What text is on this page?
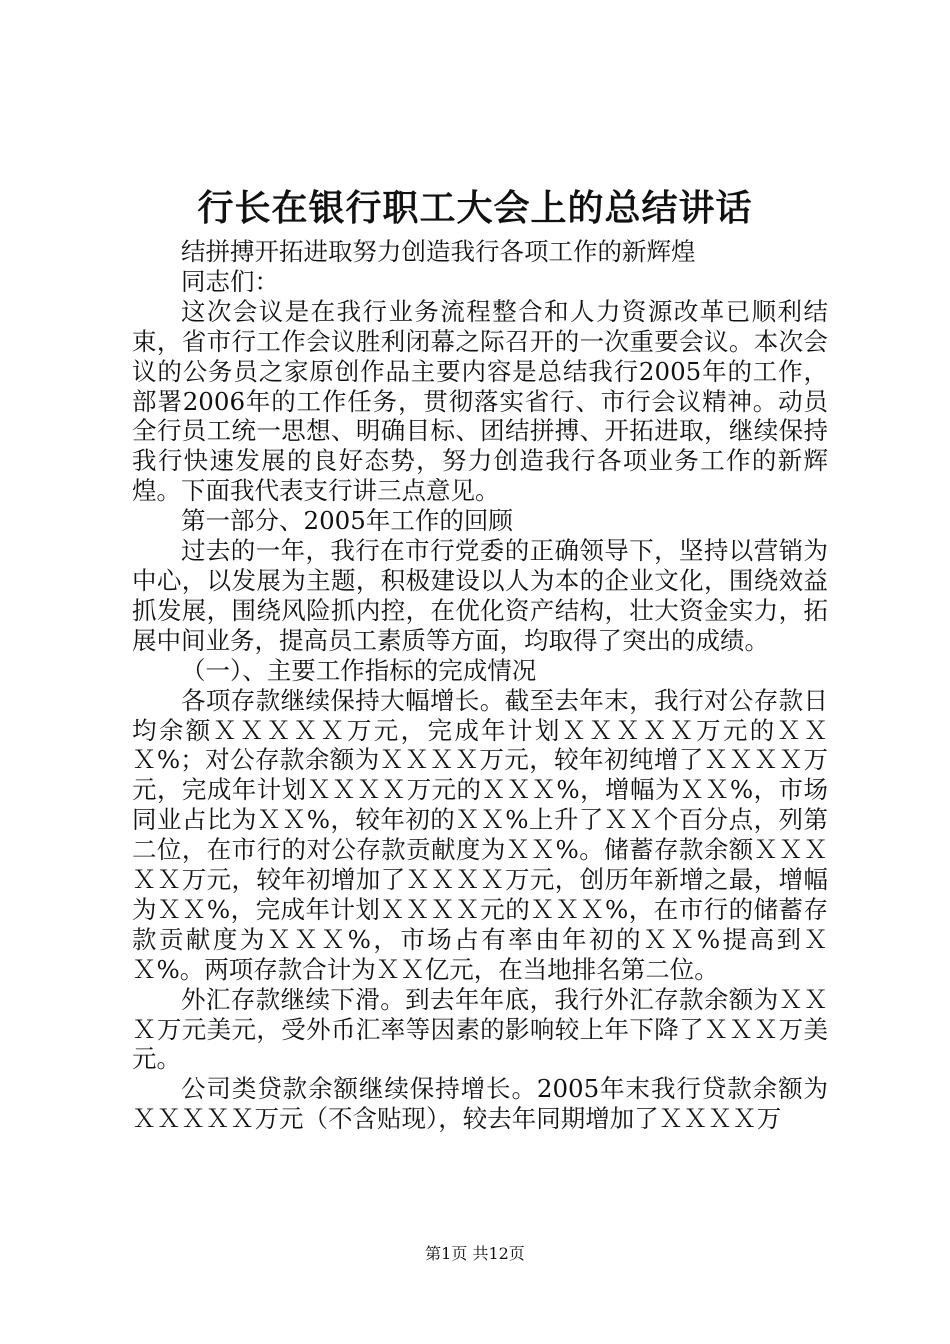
行长在银行职工大会上的总结讲话

结拼搏开拓进取努力创造我行各项工作的新辉煌

同志们：

这次会议是在我行业务流程整合和人力资源改革已顺利结束，省市行工作会议胜利闭幕之际召开的一次重要会议。本次会议的公务员之家原创作品主要内容是总结我行2005年的工作，部署2006年的工作任务，贯彻落实省行、市行会议精神。动员全行员工统一思想、明确目标、团结拼搏、开拓进取，继续保持我行快速发展的良好态势，努力创造我行各项业务工作的新辉煌。下面我代表支行讲三点意见。

第一部分、2005年工作的回顾

过去的一年，我行在市行党委的正确领导下，坚持以营销为中心，以发展为主题，积极建设以人为本的企业文化，围绕效益抓发展，围绕风险抓内控，在优化资产结构，壮大资金实力，拓展中间业务，提高员工素质等方面，均取得了突出的成绩。

（一）、主要工作指标的完成情况

各项存款继续保持大幅增长。截至去年末，我行对公存款日均余额ＸＸＸＸＸ万元，完成年计划ＸＸＸＸＸ万元的ＸＸＸ%；对公存款余额为ＸＸＸＸ万元，较年初纯增了ＸＸＸＸ万元，完成年计划ＸＸＸＸ万元的ＸＸＸ%，增幅为ＸＸ%，市场同业占比为ＸＸ%，较年初的ＸＸ%上升了ＸＸ个百分点，列第二位，在市行的对公存款贡献度为ＸＸ%。储蓄存款余额ＸＸＸＸＸ万元，较年初增加了ＸＸＸＸ万元，创历年新增之最，增幅为ＸＸ%，完成年计划ＸＸＸＸ元的ＸＸＸ%，在市行的储蓄存款贡献度为ＸＸＸ%，市场占有率由年初的ＸＸ%提高到ＸＸ%。两项存款合计为ＸＸ亿元，在当地排名第二位。

外汇存款继续下滑。到去年年底，我行外汇存款余额为ＸＸＸ万元美元，受外币汇率等因素的影响较上年下降了ＸＸＸ万美元。

公司类贷款余额继续保持增长。2005年末我行贷款余额为ＸＸＸＸＸ万元（不含贴现），较去年同期增加了ＸＸＸＸ万

第1页 共12页
